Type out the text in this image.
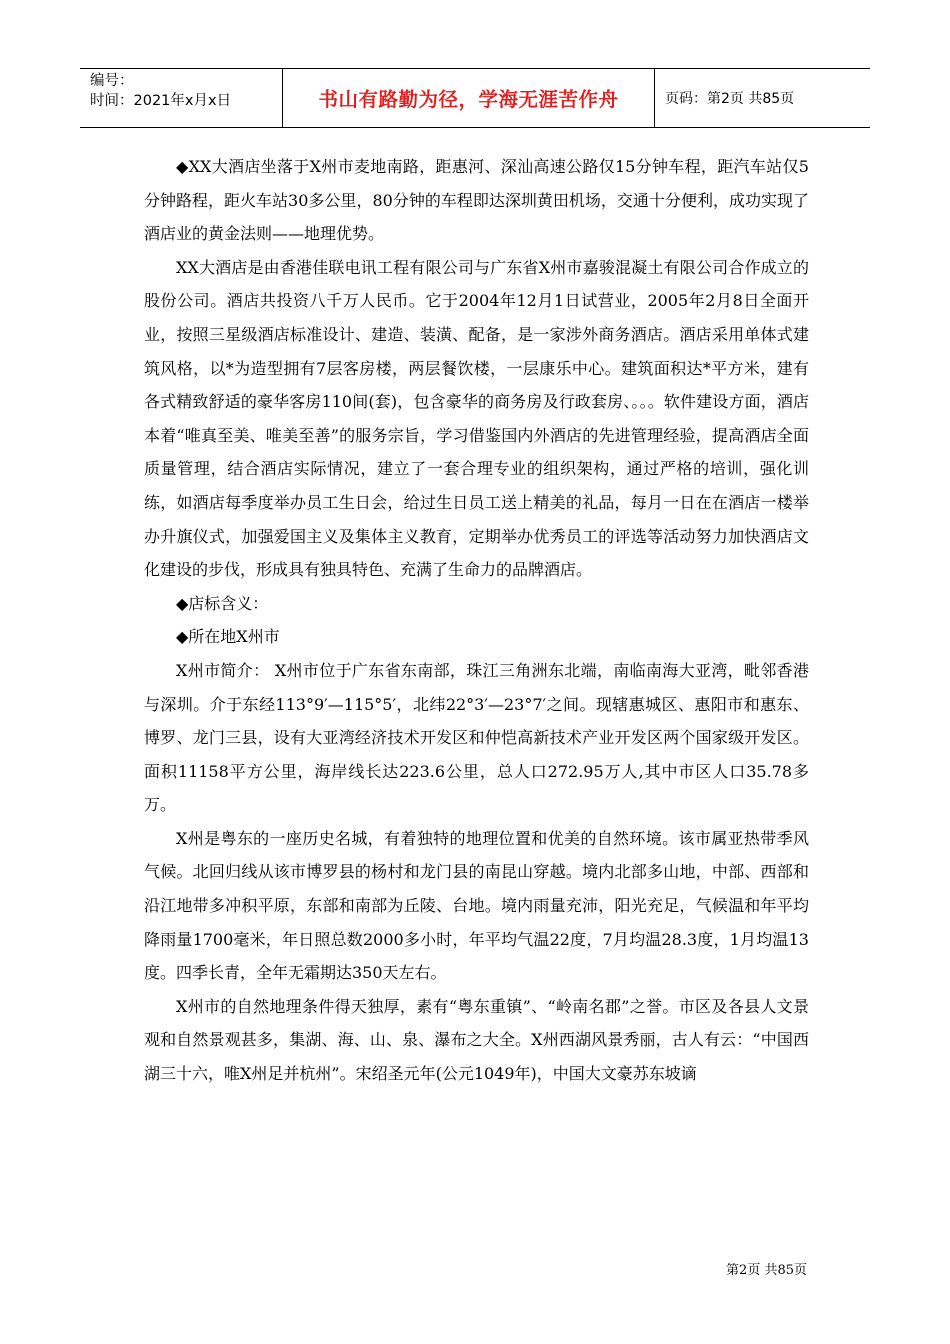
编号：
时间：2021年x月x日	书山有路勤为径，学海无涯苦作舟	页码：第2页 共85页

◆XX大酒店坐落于X州市麦地南路，距惠河、深汕高速公路仅15分钟车程，距汽车站仅5分钟路程，距火车站30多公里，80分钟的车程即达深圳黄田机场，交通十分便利，成功实现了酒店业的黄金法则——地理优势。

XX大酒店是由香港佳联电讯工程有限公司与广东省X州市嘉骏混凝土有限公司合作成立的股份公司。酒店共投资八千万人民币。它于2004年12月1日试营业，2005年2月8日全面开业，按照三星级酒店标准设计、建造、装潢、配备，是一家涉外商务酒店。酒店采用单体式建筑风格，以*为造型拥有7层客房楼，两层餐饮楼，一层康乐中心。建筑面积达*平方米，建有各式精致舒适的豪华客房110间(套)，包含豪华的商务房及行政套房、。。。软件建设方面，酒店本着“唯真至美、唯美至善”的服务宗旨，学习借鉴国内外酒店的先进管理经验，提高酒店全面质量管理，结合酒店实际情况，建立了一套合理专业的组织架构，通过严格的培训，强化训练，如酒店每季度举办员工生日会，给过生日员工送上精美的礼品，每月一日在在酒店一楼举办升旗仪式，加强爱国主义及集体主义教育，定期举办优秀员工的评选等活动努力加快酒店文化建设的步伐，形成具有独具特色、充满了生命力的品牌酒店。

◆店标含义：

◆所在地X州市

X州市简介： X州市位于广东省东南部，珠江三角洲东北端，南临南海大亚湾，毗邻香港与深圳。介于东经113°9′—115°5′，北纬22°3′—23°7′之间。现辖惠城区、惠阳市和惠东、博罗、龙门三县，设有大亚湾经济技术开发区和仲恺高新技术产业开发区两个国家级开发区。面积11158平方公里，海岸线长达223.6公里，总人口272.95万人,其中市区人口35.78多万。

X州是粤东的一座历史名城，有着独特的地理位置和优美的自然环境。该市属亚热带季风气候。北回归线从该市博罗县的杨村和龙门县的南昆山穿越。境内北部多山地，中部、西部和沿江地带多冲积平原，东部和南部为丘陵、台地。境内雨量充沛，阳光充足，气候温和年平均降雨量1700毫米，年日照总数2000多小时，年平均气温22度，7月均温28.3度，1月均温13度。四季长青，全年无霜期达350天左右。

X州市的自然地理条件得天独厚，素有“粤东重镇”、“岭南名郡”之誉。市区及各县人文景观和自然景观甚多，集湖、海、山、泉、瀑布之大全。X州西湖风景秀丽，古人有云：“中国西湖三十六，唯X州足并杭州”。宋绍圣元年(公元1049年)，中国大文豪苏东坡谪

第2页 共85页
